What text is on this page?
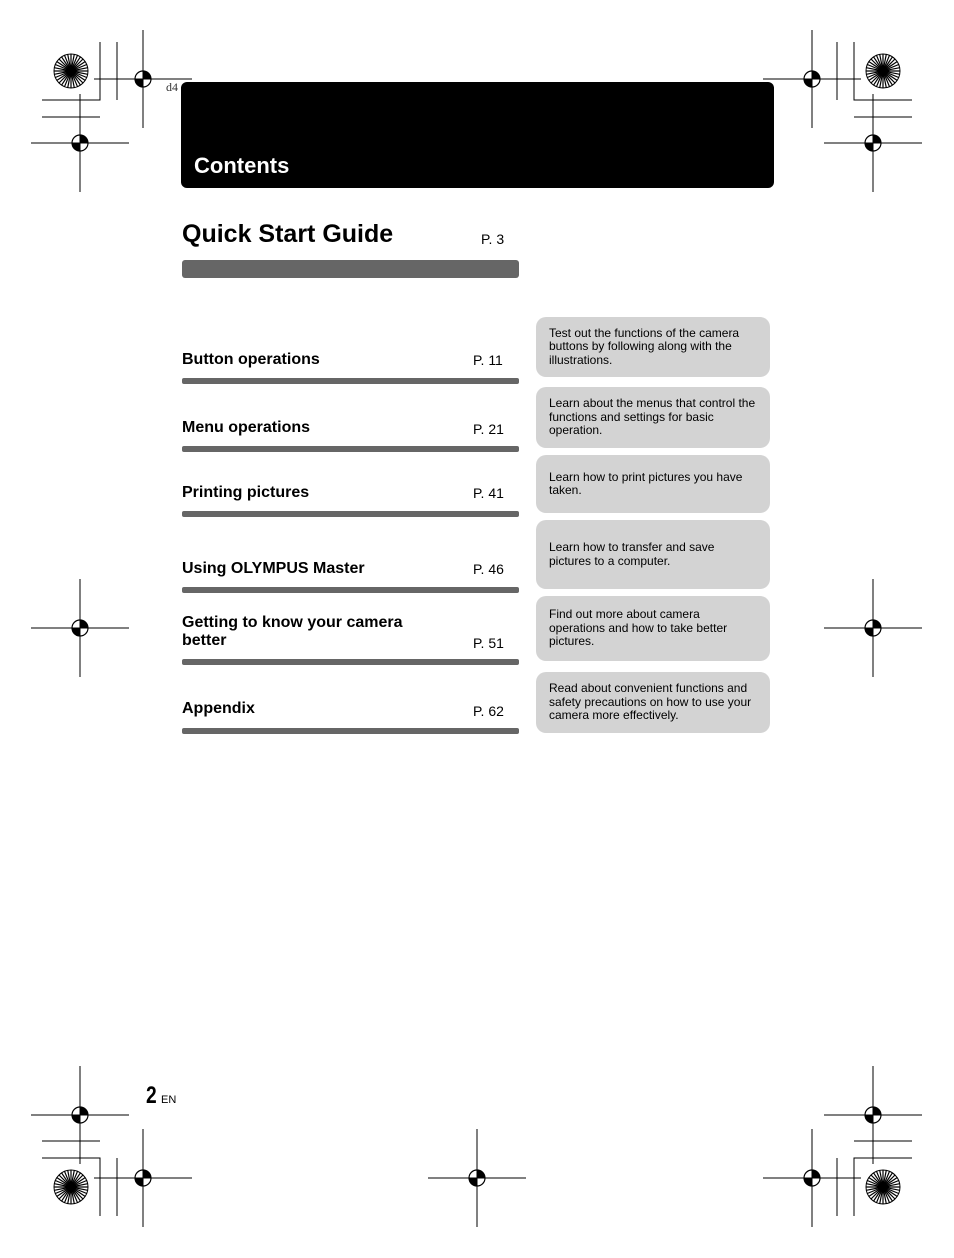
d4
Contents
Quick Start Guide	P. 3
Button operations	P. 11
Test out the functions of the camera buttons by following along with the illustrations.
Menu operations	P. 21
Learn about the menus that control the functions and settings for basic operation.
Printing pictures	P. 41
Learn how to print pictures you have taken.
Using OLYMPUS Master	P. 46
Learn how to transfer and save pictures to a computer.
Getting to know your camera better	P. 51
Find out more about camera operations and how to take better pictures.
Appendix	P. 62
Read about convenient functions and safety precautions on how to use your camera more effectively.
2 EN
